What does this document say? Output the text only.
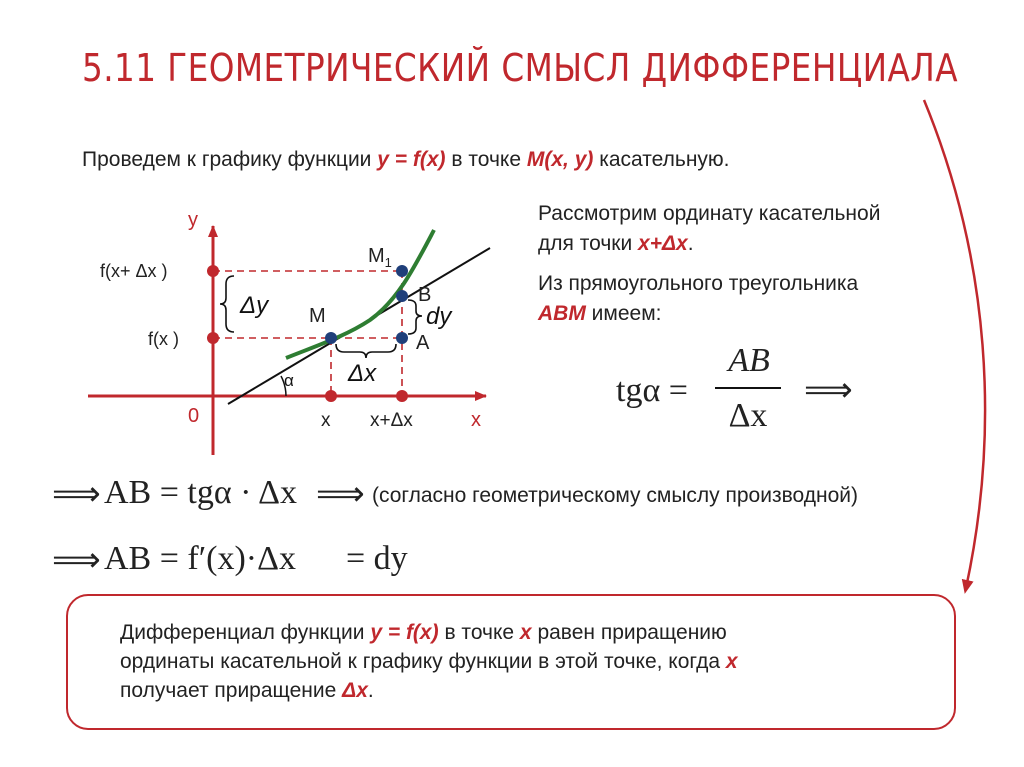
5.11 ГЕОМЕТРИЧЕСКИЙ СМЫСЛ ДИФФЕРЕНЦИАЛА
Проведем к графику функции y = f(x) в точке M(x, y) касательную.
y
x
0
α
$M_1$
M
B
A
f(x+ Δx )
f(x )
x x+Δx
Δy	dy
Δx
Рассмотрим ординату касательной
для точки x+Δx.
Из прямоугольного треугольника
ABM имеем:
tgα =
AB
Δx
⟹
⟹ AB = tgα · Δx ⟹ (согласно геометрическому смыслу производной)
⟹ AB = f′(x)·Δx = dy
Дифференциал функции y = f(x) в точке x равен приращению
ординаты касательной к графику функции в этой точке, когда x
получает приращение Δx.
